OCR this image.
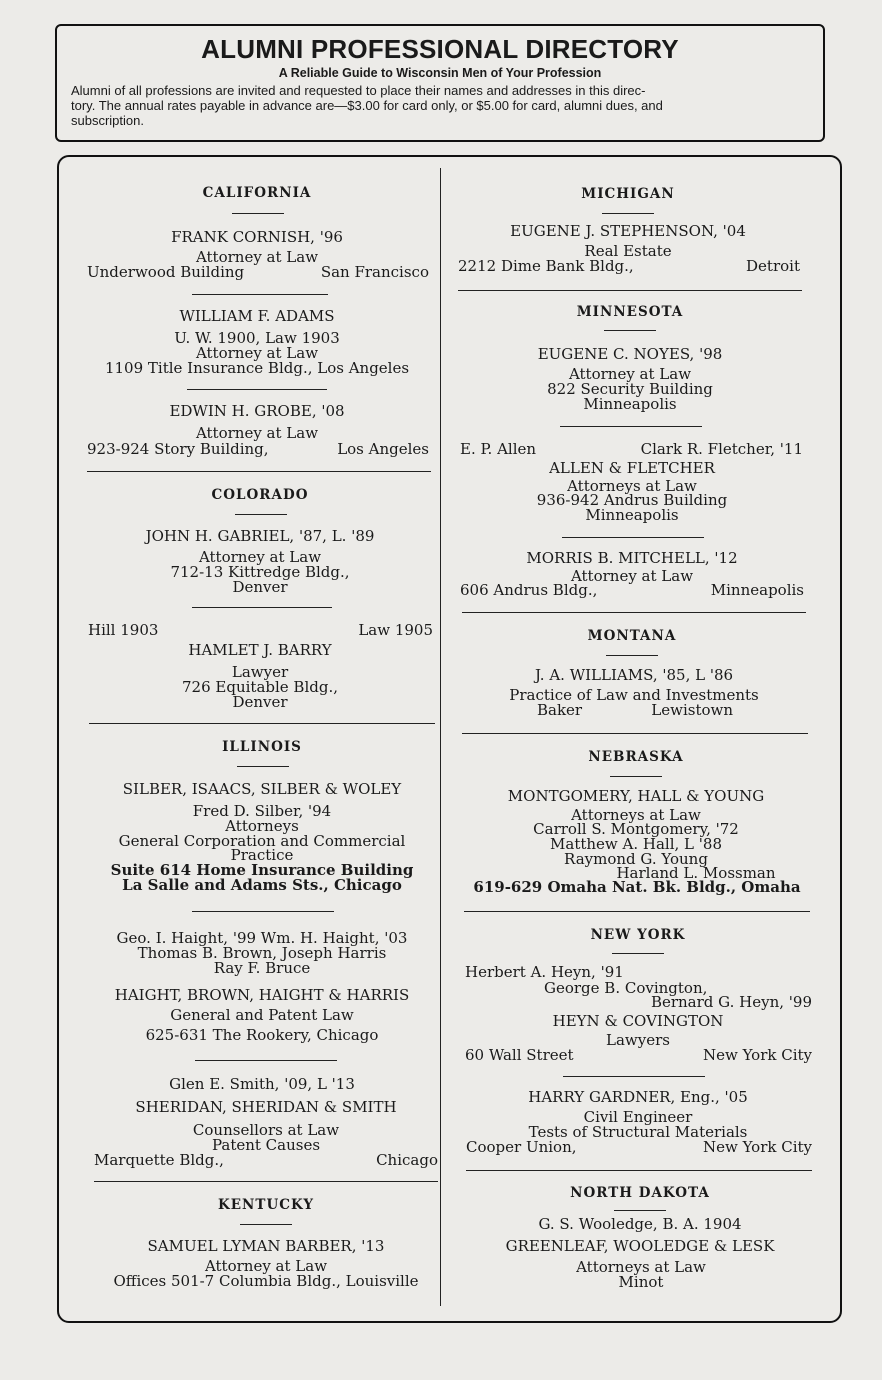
ALUMNI PROFESSIONAL DIRECTORY
A Reliable Guide to Wisconsin Men of Your Profession
Alumni of all professions are invited and requested to place their names and addresses in this direc-
tory. The annual rates payable in advance are—$3.00 for card only, or $5.00 for card, alumni dues, and
subscription.
CALIFORNIA
FRANK CORNISH, '96
Attorney at Law
Underwood Building	San Francisco
WILLIAM F. ADAMS
U. W. 1900, Law 1903
Attorney at Law
1109 Title Insurance Bldg., Los Angeles
EDWIN H. GROBE, '08
Attorney at Law
923-924 Story Building,	Los Angeles
COLORADO
JOHN H. GABRIEL, '87, L. '89
Attorney at Law
712-13 Kittredge Bldg.,
Denver
Hill 1903	Law 1905
HAMLET J. BARRY
Lawyer
726 Equitable Bldg.,
Denver
ILLINOIS
SILBER, ISAACS, SILBER & WOLEY
Fred D. Silber, '94
Attorneys
General Corporation and Commercial
Practice
Suite 614 Home Insurance Building
La Salle and Adams Sts., Chicago
Geo. I. Haight, '99 Wm. H. Haight, '03
Thomas B. Brown, Joseph Harris
Ray F. Bruce
HAIGHT, BROWN, HAIGHT & HARRIS
General and Patent Law
625-631 The Rookery, Chicago
Glen E. Smith, '09, L '13
SHERIDAN, SHERIDAN & SMITH
Counsellors at Law
Patent Causes
Marquette Bldg.,	Chicago
KENTUCKY
SAMUEL LYMAN BARBER, '13
Attorney at Law
Offices 501-7 Columbia Bldg., Louisville
MICHIGAN
EUGENE J. STEPHENSON, '04
Real Estate
2212 Dime Bank Bldg.,	Detroit
MINNESOTA
EUGENE C. NOYES, '98
Attorney at Law
822 Security Building
Minneapolis
E. P. Allen	Clark R. Fletcher, '11
ALLEN & FLETCHER
Attorneys at Law
936-942 Andrus Building
Minneapolis
MORRIS B. MITCHELL, '12
Attorney at Law
606 Andrus Bldg.,	Minneapolis
MONTANA
J. A. WILLIAMS, '85, L '86
Practice of Law and Investments
Baker	Lewistown
NEBRASKA
MONTGOMERY, HALL & YOUNG
Attorneys at Law
Carroll S. Montgomery, '72
Matthew A. Hall, L '88
Raymond G. Young
Harland L. Mossman
619-629 Omaha Nat. Bk. Bldg., Omaha
NEW YORK
Herbert A. Heyn, '91
George B. Covington,
Bernard G. Heyn, '99
HEYN & COVINGTON
Lawyers
60 Wall Street	New York City
HARRY GARDNER, Eng., '05
Civil Engineer
Tests of Structural Materials
Cooper Union,	New York City
NORTH DAKOTA
G. S. Wooledge, B. A. 1904
GREENLEAF, WOOLEDGE & LESK
Attorneys at Law
Minot
